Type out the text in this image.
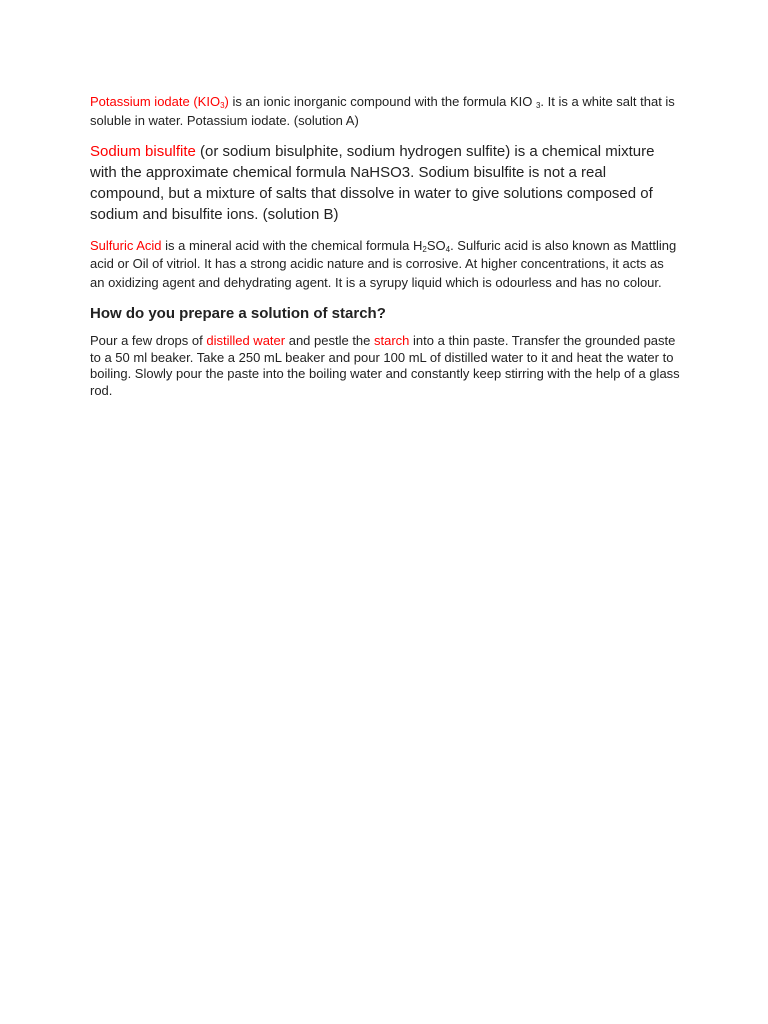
Potassium iodate $(KIO_3)$ is an ionic inorganic compound with the formula KIO $_3$. It is a white salt that is soluble in water. Potassium iodate. (solution A)

Sodium bisulfite (or sodium bisulphite, sodium hydrogen sulfite) is a chemical mixture with the approximate chemical formula NaHSO3. Sodium bisulfite is not a real compound, but a mixture of salts that dissolve in water to give solutions composed of sodium and bisulfite ions. (solution B)

Sulfuric Acid is a mineral acid with the chemical formula $H_2SO_4$. Sulfuric acid is also known as Mattling acid or Oil of vitriol. It has a strong acidic nature and is corrosive. At higher concentrations, it acts as an oxidizing agent and dehydrating agent. It is a syrupy liquid which is odourless and has no colour.

How do you prepare a solution of starch?

Pour a few drops of distilled water and pestle the starch into a thin paste. Transfer the grounded paste to a 50 ml beaker. Take a 250 mL beaker and pour 100 mL of distilled water to it and heat the water to boiling. Slowly pour the paste into the boiling water and constantly keep stirring with the help of a glass rod.
